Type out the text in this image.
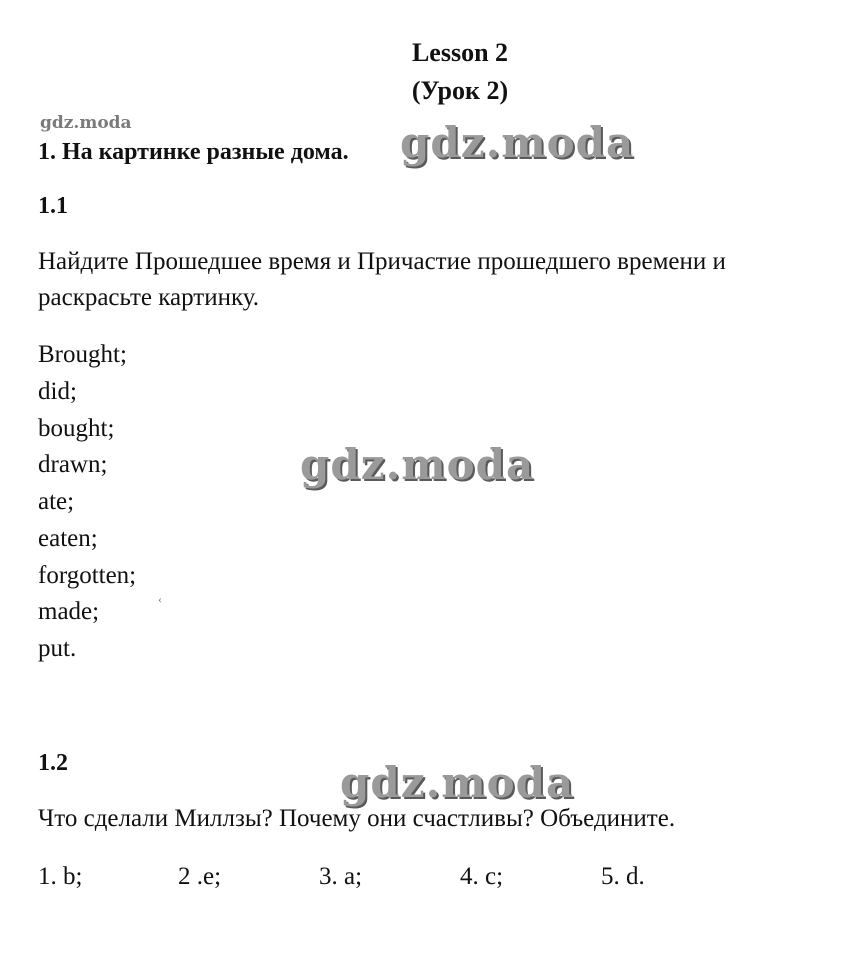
Lesson 2
(Урок 2)
gdz.moda
1. На картинке разные дома. gdz.moda
gdz.moda
gdz.moda
1.1
Найдите Прошедшее время и Причастие прошедшего времени и
раскрасьте картинку.
Brought;
did;
bought;
drawn;
ate;
eaten;
forgotten;
made;
put.
‹
1.2
Что сделали Миллзы? Почему они счастливы? Объедините.
1. b;	2 .e;	3. a;	4. c;	5. d.
